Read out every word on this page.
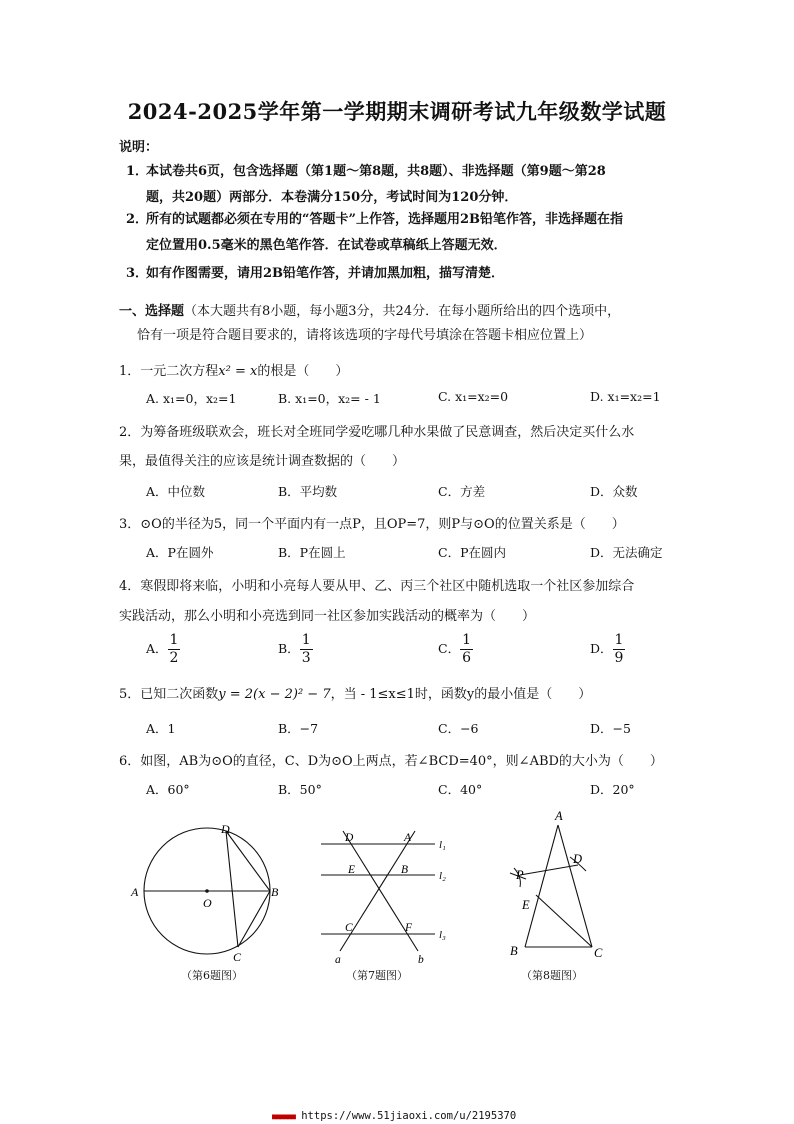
2024-2025学年第一学期期末调研考试九年级数学试题
说明：
1．
本试卷共6页，包含选择题（第1题～第8题，共8题）、非选择题（第9题～第28
题，共20题）两部分．本卷满分150分，考试时间为120分钟．
2．
所有的试题都必须在专用的“答题卡”上作答，选择题用2B铅笔作答，非选择题在指
定位置用0.5毫米的黑色笔作答．在试卷或草稿纸上答题无效．
3．
如有作图需要，请用2B铅笔作答，并请加黑加粗，描写清楚．
一、选择题（本大题共有8小题，每小题3分，共24分．在每小题所给出的四个选项中，
恰有一项是符合题目要求的，请将该选项的字母代号填涂在答题卡相应位置上）
1．一元二次方程x² = x的根是（　　）
A. x₁=0，x₂=1	B. x₁=0，x₂= - 1	C. x₁=x₂=0	D. x₁=x₂=1
2．为筹备班级联欢会，班长对全班同学爱吃哪几种水果做了民意调查，然后决定买什么水
果，最值得关注的应该是统计调查数据的（　　）
A．中位数	B．平均数	C．方差	D．众数
3．⊙O的半径为5，同一个平面内有一点P，且OP=7，则P与⊙O的位置关系是（　　）
A．P在圆外	B．P在圆上	C．P在圆内	D．无法确定
4．寒假即将来临，小明和小亮每人要从甲、乙、丙三个社区中随机选取一个社区参加综合
实践活动，那么小明和小亮选到同一社区参加实践活动的概率为（　　）
A． $\frac{1}{2}$	B． $\frac{1}{3}$	C． $\frac{1}{6}$	D． $\frac{1}{9}$
5．已知二次函数y = 2(x − 2)² − 7，当 - 1≤x≤1时，函数y的最小值是（　　）
A．1	B．−7	C．−6	D．−5
6．如图，AB为⊙O的直径，C、D为⊙O上两点，若∠BCD=40°，则∠ABD的大小为（　　）
A．60°	B．50°	C．40°	D．20°
D
A
O
B
C
（第6题图）
D	A
l₁
E	B	l₂
C	F
l₃
a	b
（第7题图）
A
D
P
E
B	C
（第8题图）
■■■■■■ https://www.51jiaoxi.com/u/2195370
